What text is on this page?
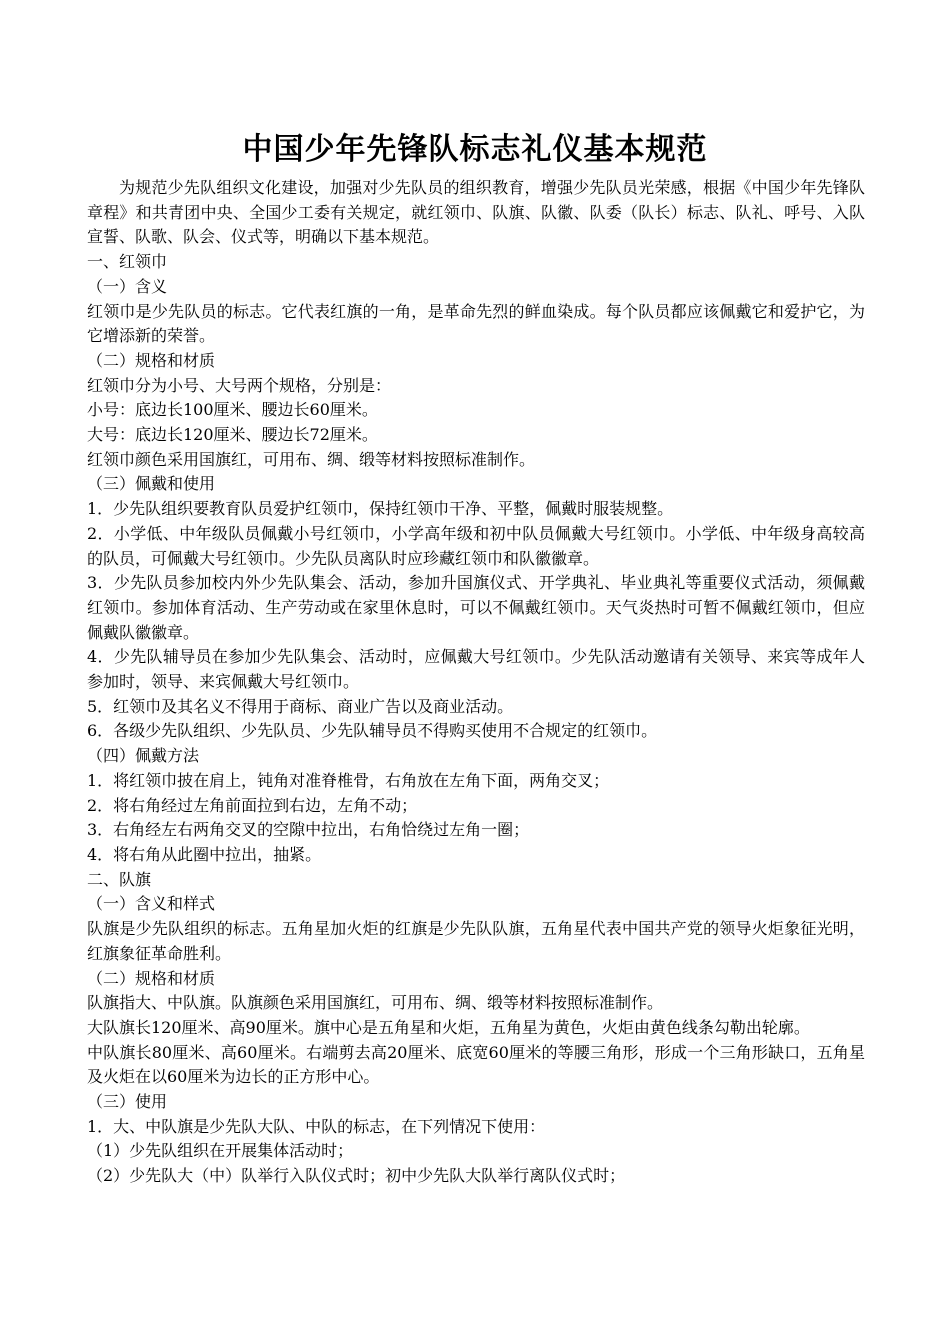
中国少年先锋队标志礼仪基本规范

为规范少先队组织文化建设，加强对少先队员的组织教育，增强少先队员光荣感，根据《中国少年先锋队章程》和共青团中央、全国少工委有关规定，就红领巾、队旗、队徽、队委（队长）标志、队礼、呼号、入队宣誓、队歌、队会、仪式等，明确以下基本规范。

一、红领巾

（一）含义

红领巾是少先队员的标志。它代表红旗的一角，是革命先烈的鲜血染成。每个队员都应该佩戴它和爱护它，为它增添新的荣誉。

（二）规格和材质

红领巾分为小号、大号两个规格，分别是：

小号：底边长100厘米、腰边长60厘米。

大号：底边长120厘米、腰边长72厘米。

红领巾颜色采用国旗红，可用布、绸、缎等材料按照标准制作。

（三）佩戴和使用

1．少先队组织要教育队员爱护红领巾，保持红领巾干净、平整，佩戴时服装规整。

2．小学低、中年级队员佩戴小号红领巾，小学高年级和初中队员佩戴大号红领巾。小学低、中年级身高较高的队员，可佩戴大号红领巾。少先队员离队时应珍藏红领巾和队徽徽章。

3．少先队员参加校内外少先队集会、活动，参加升国旗仪式、开学典礼、毕业典礼等重要仪式活动，须佩戴红领巾。参加体育活动、生产劳动或在家里休息时，可以不佩戴红领巾。天气炎热时可暂不佩戴红领巾，但应佩戴队徽徽章。

4．少先队辅导员在参加少先队集会、活动时，应佩戴大号红领巾。少先队活动邀请有关领导、来宾等成年人参加时，领导、来宾佩戴大号红领巾。

5．红领巾及其名义不得用于商标、商业广告以及商业活动。

6．各级少先队组织、少先队员、少先队辅导员不得购买使用不合规定的红领巾。

（四）佩戴方法

1．将红领巾披在肩上，钝角对准脊椎骨，右角放在左角下面，两角交叉；

2．将右角经过左角前面拉到右边，左角不动；

3．右角经左右两角交叉的空隙中拉出，右角恰绕过左角一圈；

4．将右角从此圈中拉出，抽紧。

二、队旗

（一）含义和样式

队旗是少先队组织的标志。五角星加火炬的红旗是少先队队旗，五角星代表中国共产党的领导火炬象征光明，红旗象征革命胜利。

（二）规格和材质

队旗指大、中队旗。队旗颜色采用国旗红，可用布、绸、缎等材料按照标准制作。

大队旗长120厘米、高90厘米。旗中心是五角星和火炬，五角星为黄色，火炬由黄色线条勾勒出轮廓。

中队旗长80厘米、高60厘米。右端剪去高20厘米、底宽60厘米的等腰三角形，形成一个三角形缺口，五角星及火炬在以60厘米为边长的正方形中心。

（三）使用

1．大、中队旗是少先队大队、中队的标志，在下列情况下使用：

（1）少先队组织在开展集体活动时；

（2）少先队大（中）队举行入队仪式时；初中少先队大队举行离队仪式时；
